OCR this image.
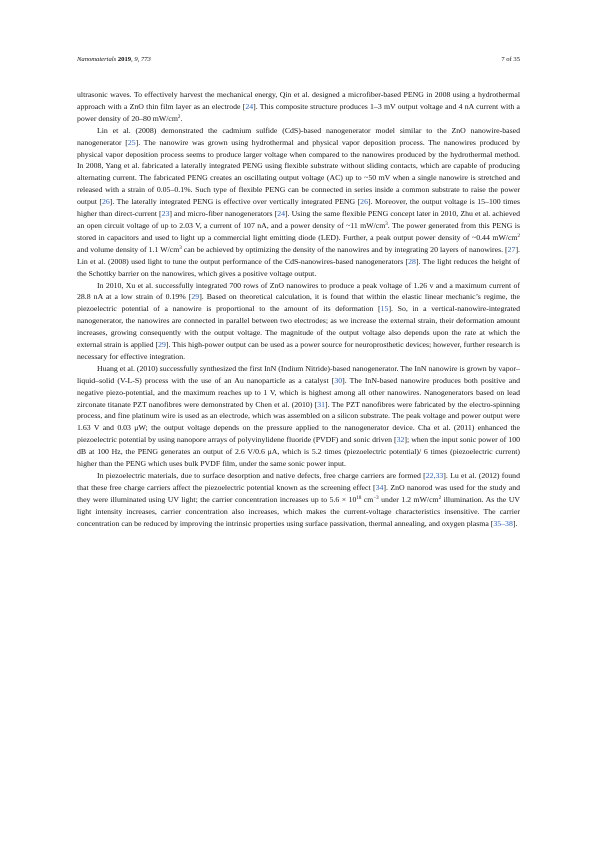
Nanomaterials 2019, 9, 773	7 of 35

ultrasonic waves. To effectively harvest the mechanical energy, Qin et al. designed a microfiber-based PENG in 2008 using a hydrothermal approach with a ZnO thin film layer as an electrode [24]. This composite structure produces 1–3 mV output voltage and 4 nA current with a power density of 20–80 $mW/cm^2$.

Lin et al. (2008) demonstrated the cadmium sulfide (CdS)-based nanogenerator model similar to the ZnO nanowire-based nanogenerator [25]. The nanowire was grown using hydrothermal and physical vapor deposition process. The nanowires produced by physical vapor deposition process seems to produce larger voltage when compared to the nanowires produced by the hydrothermal method. In 2008, Yang et al. fabricated a laterally integrated PENG using flexible substrate without sliding contacts, which are capable of producing alternating current. The fabricated PENG creates an oscillating output voltage (AC) up to ~50 mV when a single nanowire is stretched and released with a strain of 0.05–0.1%. Such type of flexible PENG can be connected in series inside a common substrate to raise the power output [26]. The laterally integrated PENG is effective over vertically integrated PENG [26]. Moreover, the output voltage is 15–100 times higher than direct-current [23] and micro-fiber nanogenerators [24]. Using the same flexible PENG concept later in 2010, Zhu et al. achieved an open circuit voltage of up to 2.03 V, a current of 107 nA, and a power density of ~11 $mW/cm^3$. The power generated from this PENG is stored in capacitors and used to light up a commercial light emitting diode (LED). Further, a peak output power density of ~0.44 $mW/cm^2$ and volume density of 1.1 $W/cm^3$ can be achieved by optimizing the density of the nanowires and by integrating 20 layers of nanowires. [27]. Lin et al. (2008) used light to tune the output performance of the CdS-nanowires-based nanogenerators [28]. The light reduces the height of the Schottky barrier on the nanowires, which gives a positive voltage output.

In 2010, Xu et al. successfully integrated 700 rows of ZnO nanowires to produce a peak voltage of 1.26 v and a maximum current of 28.8 nA at a low strain of 0.19% [29]. Based on theoretical calculation, it is found that within the elastic linear mechanic’s regime, the piezoelectric potential of a nanowire is proportional to the amount of its deformation [15]. So, in a vertical-nanowire-integrated nanogenerator, the nanowires are connected in parallel between two electrodes; as we increase the external strain, their deformation amount increases, growing consequently with the output voltage. The magnitude of the output voltage also depends upon the rate at which the external strain is applied [29]. This high-power output can be used as a power source for neuroprosthetic devices; however, further research is necessary for effective integration.

Huang et al. (2010) successfully synthesized the first InN (Indium Nitride)-based nanogenerator. The InN nanowire is grown by vapor–liquid–solid (V-L-S) process with the use of an Au nanoparticle as a catalyst [30]. The InN-based nanowire produces both positive and negative piezo-potential, and the maximum reaches up to 1 V, which is highest among all other nanowires. Nanogenerators based on lead zirconate titanate PZT nanofibres were demonstrated by Chen et al. (2010) [31]. The PZT nanofibres were fabricated by the electro-spinning process, and fine platinum wire is used as an electrode, which was assembled on a silicon substrate. The peak voltage and power output were 1.63 V and 0.03 μW; the output voltage depends on the pressure applied to the nanogenerator device. Cha et al. (2011) enhanced the piezoelectric potential by using nanopore arrays of polyvinylidene fluoride (PVDF) and sonic driven [32]; when the input sonic power of 100 dB at 100 Hz, the PENG generates an output of 2.6 V/0.6 μA, which is 5.2 times (piezoelectric potential)/ 6 times (piezoelectric current) higher than the PENG which uses bulk PVDF film, under the same sonic power input.

In piezoelectric materials, due to surface desorption and native defects, free charge carriers are formed [22,33]. Lu et al. (2012) found that these free charge carriers affect the piezoelectric potential known as the screening effect [34]. ZnO nanorod was used for the study and they were illuminated using UV light; the carrier concentration increases up to $5.6 \times 10^{18}$ $cm^{-3}$ under 1.2 $mW/cm^2$ illumination. As the UV light intensity increases, carrier concentration also increases, which makes the current-voltage characteristics insensitive. The carrier concentration can be reduced by improving the intrinsic properties using surface passivation, thermal annealing, and oxygen plasma [35–38].
